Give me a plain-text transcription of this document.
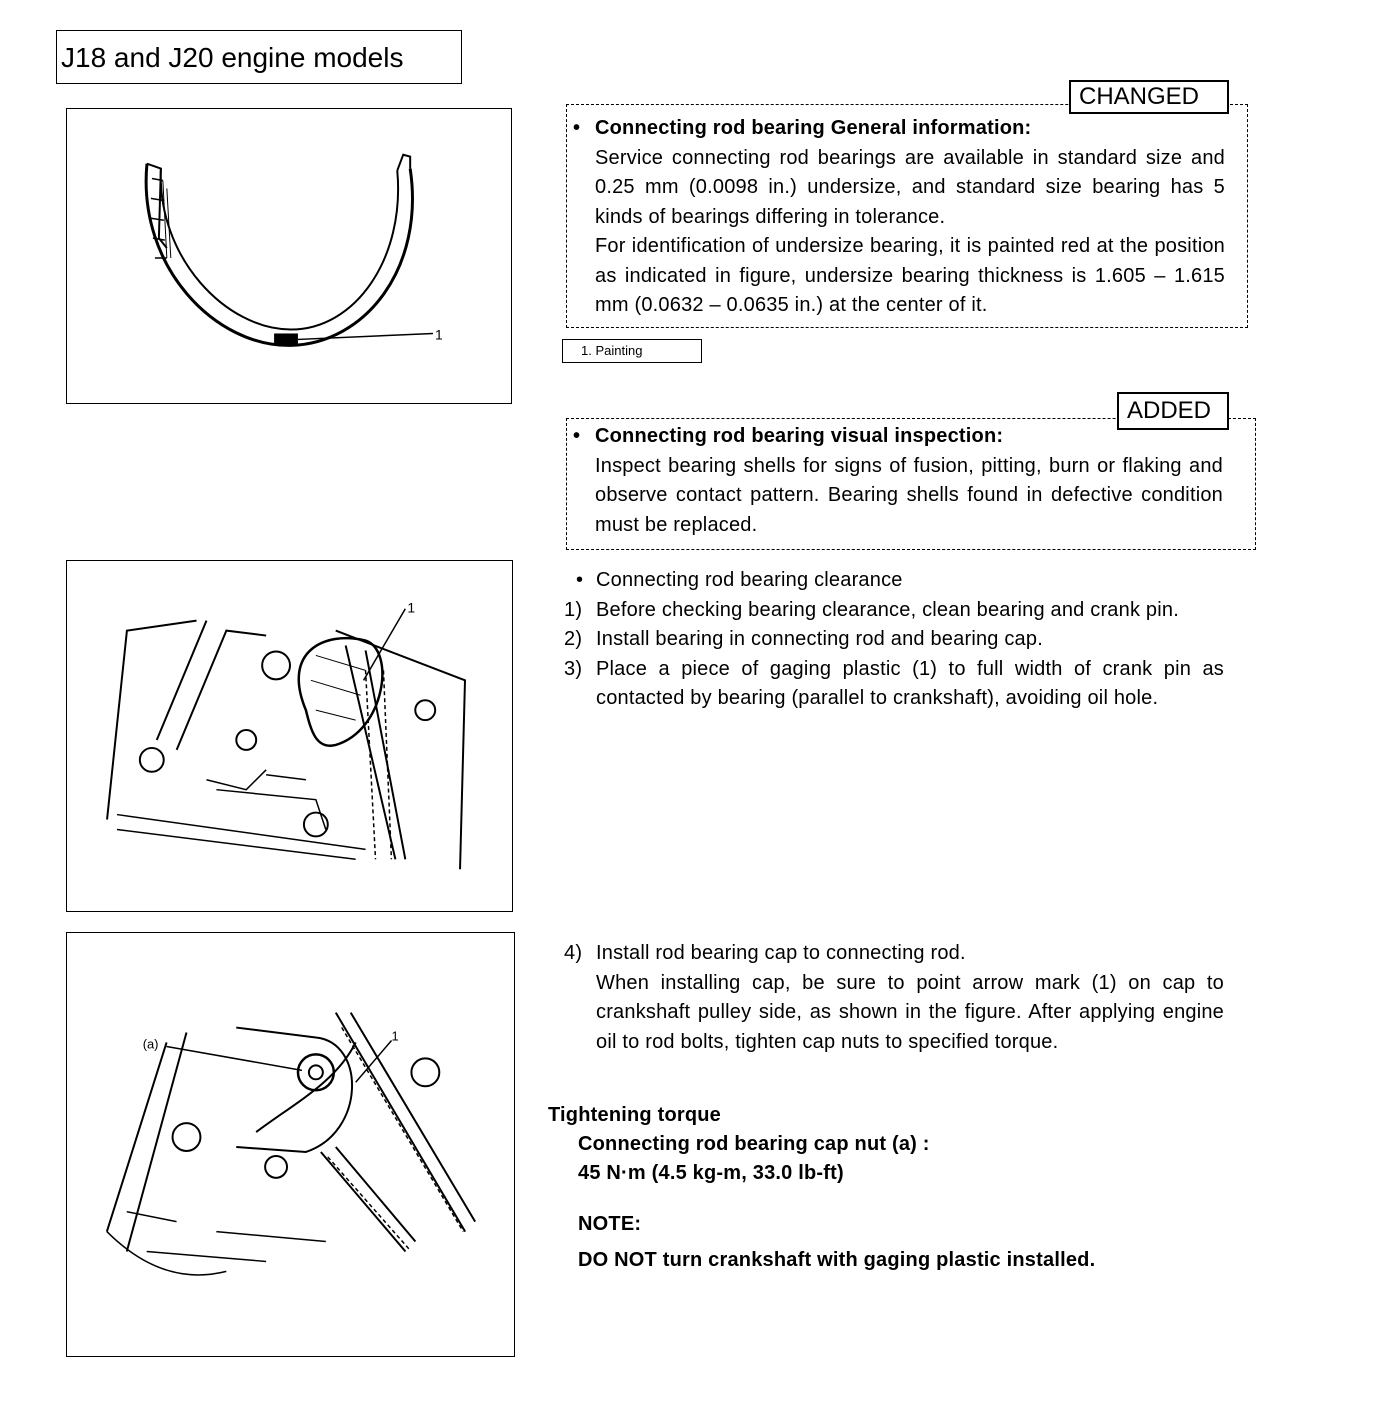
J18 and J20 engine models
1
CHANGED
• Connecting rod bearing General information:
Service connecting rod bearings are available in standard size and 0.25 mm (0.0098 in.) undersize, and standard size bearing has 5 kinds of bearings differing in tolerance.
For identification of undersize bearing, it is painted red at the position as indicated in figure, undersize bearing thickness is 1.605 – 1.615 mm (0.0632 – 0.0635 in.) at the center of it.
1. Painting
ADDED
• Connecting rod bearing visual inspection:
Inspect bearing shells for signs of fusion, pitting, burn or flaking and observe contact pattern. Bearing shells found in defective condition must be replaced.
1
• Connecting rod bearing clearance
1) Before checking bearing clearance, clean bearing and crank pin.
2) Install bearing in connecting rod and bearing cap.
3) Place a piece of gaging plastic (1) to full width of crank pin as contacted by bearing (parallel to crankshaft), avoiding oil hole.
(a)
1
4) Install rod bearing cap to connecting rod.
When installing cap, be sure to point arrow mark (1) on cap to crankshaft pulley side, as shown in the figure. After applying engine oil to rod bolts, tighten cap nuts to specified torque.
Tightening torque
Connecting rod bearing cap nut (a) :
45 N·m (4.5 kg-m, 33.0 lb-ft)
NOTE:
DO NOT turn crankshaft with gaging plastic installed.
